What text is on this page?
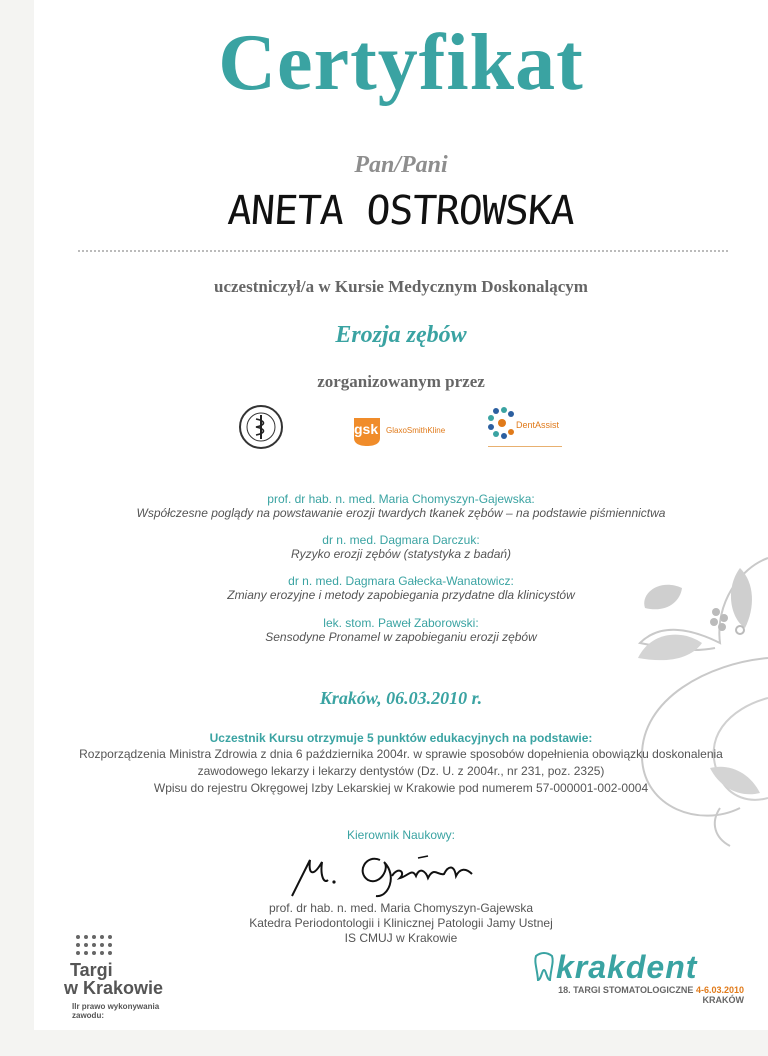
Certyfikat
Pan/Pani
ANETA OSTROWSKA
uczestniczył/a w Kursie Medycznym Doskonalącym
Erozja zębów
zorganizowanym przez
gsk GlaxoSmithKline
DentAssist
prof. dr hab. n. med. Maria Chomyszyn-Gajewska:
Współczesne poglądy na powstawanie erozji twardych tkanek zębów – na podstawie piśmiennictwa
dr n. med. Dagmara Darczuk:
Ryzyko erozji zębów (statystyka z badań)
dr n. med. Dagmara Gałecka-Wanatowicz:
Zmiany erozyjne i metody zapobiegania przydatne dla klinicystów
lek. stom. Paweł Zaborowski:
Sensodyne Pronamel w zapobieganiu erozji zębów
Kraków, 06.03.2010 r.
Uczestnik Kursu otrzymuje 5 punktów edukacyjnych na podstawie:
Rozporządzenia Ministra Zdrowia z dnia 6 października 2004r. w sprawie sposobów dopełnienia obowiązku doskonalenia
zawodowego lekarzy i lekarzy dentystów (Dz. U. z 2004r., nr 231, poz. 2325)
Wpisu do rejestru Okręgowej Izby Lekarskiej w Krakowie pod numerem 57-000001-002-0004
Kierownik Naukowy:
prof. dr hab. n. med. Maria Chomyszyn-Gajewska
Katedra Periodontologii i Klinicznej Patologii Jamy Ustnej
IS CMUJ w Krakowie
Targi
w Krakowie
Ilr prawo wykonywania zawodu:
krakdent
18. TARGI STOMATOLOGICZNE 4-6.03.2010 KRAKÓW
